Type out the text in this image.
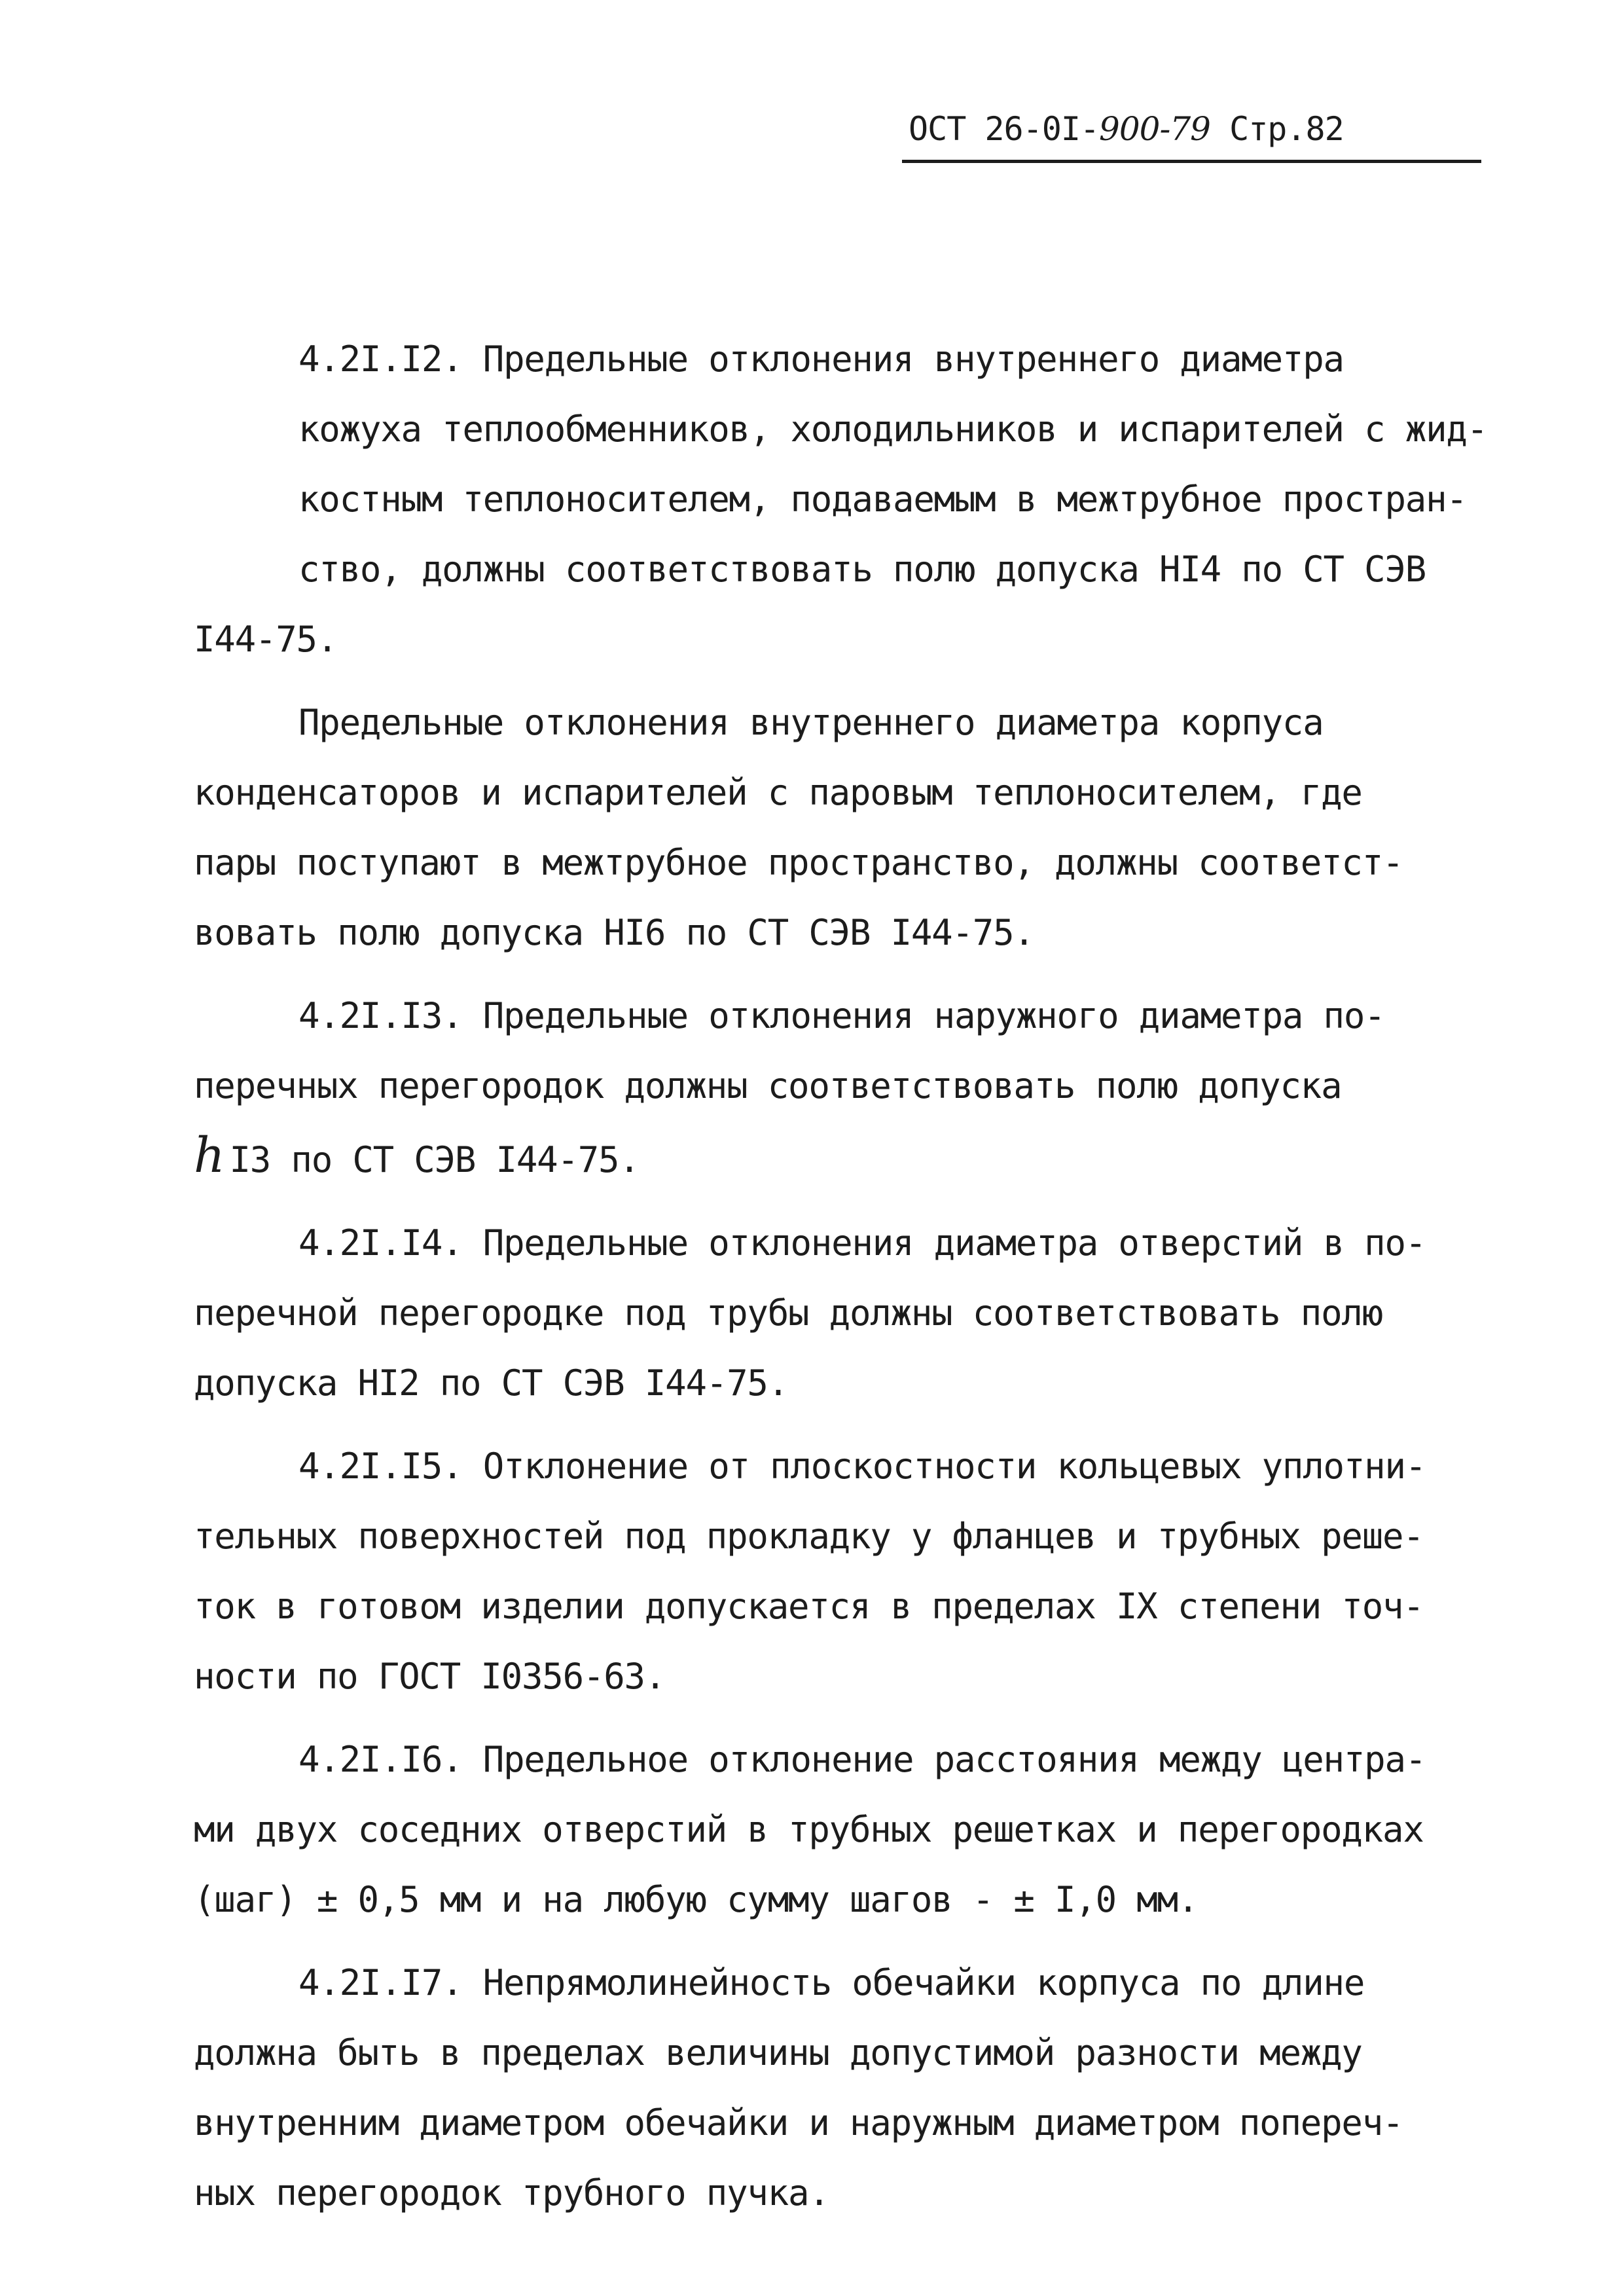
ОСТ 26-0I-900-79 Стр.82
4.2I.I2. Предельные отклонения внутреннего диаметра
кожуха теплообменников, холодильников и испарителей с жид-
костным теплоносителем, подаваемым в межтрубное простран-
ство, должны соответствовать полю допуска HI4 по СТ СЭВ
I44-75.
Предельные отклонения внутреннего диаметра корпуса
конденсаторов и испарителей с паровым теплоносителем, где
пары поступают в межтрубное пространство, должны соответст-
вовать полю допуска HI6 по СТ СЭВ I44-75.
4.2I.I3. Предельные отклонения наружного диаметра по-
перечных перегородок должны соответствовать полю допуска
h I3 по СТ СЭВ I44-75.
4.2I.I4. Предельные отклонения диаметра отверстий в по-
перечной перегородке под трубы должны соответствовать полю
допуска HI2 по СТ СЭВ I44-75.
4.2I.I5. Отклонение от плоскостности кольцевых уплотни-
тельных поверхностей под прокладку у фланцев и трубных реше-
ток в готовом изделии допускается в пределах IX степени точ-
ности по ГОСТ I0356-63.
4.2I.I6. Предельное отклонение расстояния между центра-
ми двух соседних отверстий в трубных решетках и перегородках
(шаг) ± 0,5 мм и на любую сумму шагов - ± I,0 мм.
4.2I.I7. Непрямолинейность обечайки корпуса по длине
должна быть в пределах величины допустимой разности между
внутренним диаметром обечайки и наружным диаметром попереч-
ных перегородок трубного пучка.
